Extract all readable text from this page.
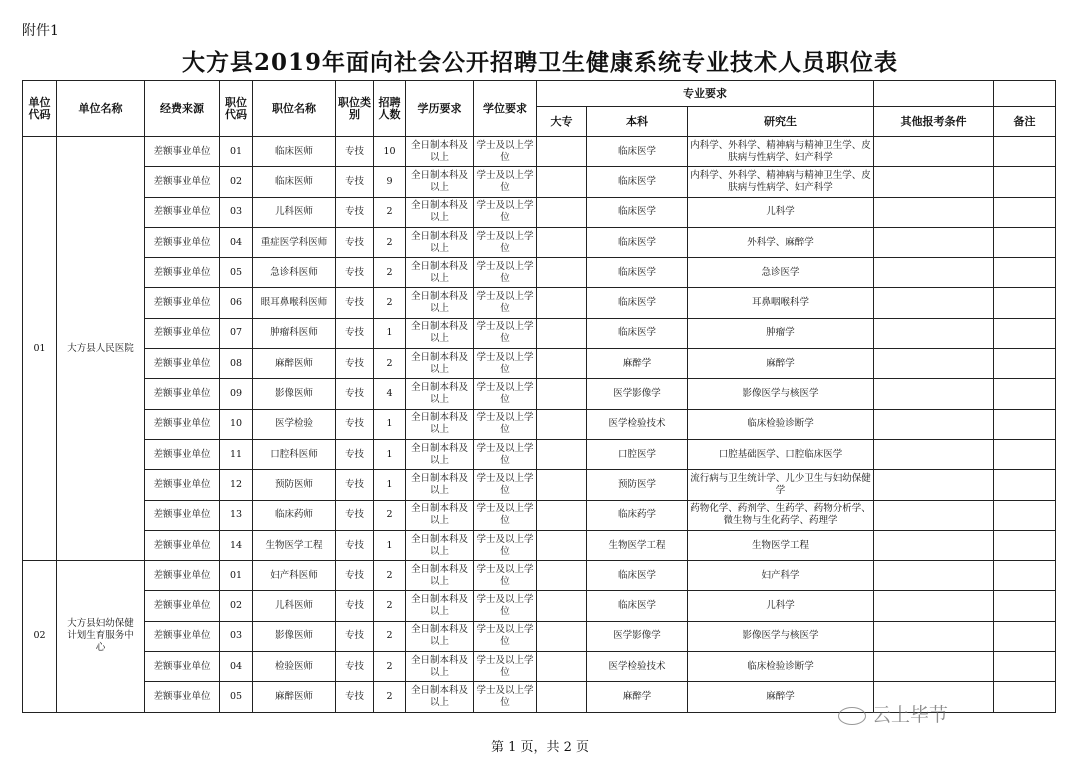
附件1
大方县2019年面向社会公开招聘卫生健康系统专业技术人员职位表
单位代码	单位名称	经费来源	职位代码	职位名称	职位类别	招聘人数	学历要求	学位要求	专业要求				
									大专	本科	研究生	其他报考条件	备注
01	大方县人民医院	差额事业单位	01	临床医师	专技	10	全日制本科及以上	学士及以上学位		临床医学	内科学、外科学、精神病与精神卫生学、皮肤病与性病学、妇产科学		
		差额事业单位	02	临床医师	专技	9	全日制本科及以上	学士及以上学位		临床医学	内科学、外科学、精神病与精神卫生学、皮肤病与性病学、妇产科学		
		差额事业单位	03	儿科医师	专技	2	全日制本科及以上	学士及以上学位		临床医学	儿科学		
		差额事业单位	04	重症医学科医师	专技	2	全日制本科及以上	学士及以上学位		临床医学	外科学、麻醉学		
		差额事业单位	05	急诊科医师	专技	2	全日制本科及以上	学士及以上学位		临床医学	急诊医学		
		差额事业单位	06	眼耳鼻喉科医师	专技	2	全日制本科及以上	学士及以上学位		临床医学	耳鼻咽喉科学		
		差额事业单位	07	肿瘤科医师	专技	1	全日制本科及以上	学士及以上学位		临床医学	肿瘤学		
		差额事业单位	08	麻醉医师	专技	2	全日制本科及以上	学士及以上学位		麻醉学	麻醉学		
		差额事业单位	09	影像医师	专技	4	全日制本科及以上	学士及以上学位		医学影像学	影像医学与核医学		
		差额事业单位	10	医学检验	专技	1	全日制本科及以上	学士及以上学位		医学检验技术	临床检验诊断学		
		差额事业单位	11	口腔科医师	专技	1	全日制本科及以上	学士及以上学位		口腔医学	口腔基础医学、口腔临床医学		
		差额事业单位	12	预防医师	专技	1	全日制本科及以上	学士及以上学位		预防医学	流行病与卫生统计学、儿少卫生与妇幼保健学		
		差额事业单位	13	临床药师	专技	2	全日制本科及以上	学士及以上学位		临床药学	药物化学、药剂学、生药学、药物分析学、微生物与生化药学、药理学		
		差额事业单位	14	生物医学工程	专技	1	全日制本科及以上	学士及以上学位		生物医学工程	生物医学工程		
02	大方县妇幼保健计划生育服务中心	差额事业单位	01	妇产科医师	专技	2	全日制本科及以上	学士及以上学位		临床医学	妇产科学		
		差额事业单位	02	儿科医师	专技	2	全日制本科及以上	学士及以上学位		临床医学	儿科学		
		差额事业单位	03	影像医师	专技	2	全日制本科及以上	学士及以上学位		医学影像学	影像医学与核医学		
		差额事业单位	04	检验医师	专技	2	全日制本科及以上	学士及以上学位		医学检验技术	临床检验诊断学		
		差额事业单位	05	麻醉医师	专技	2	全日制本科及以上	学士及以上学位		麻醉学	麻醉学		
第 1 页，共 2 页
云上毕节
